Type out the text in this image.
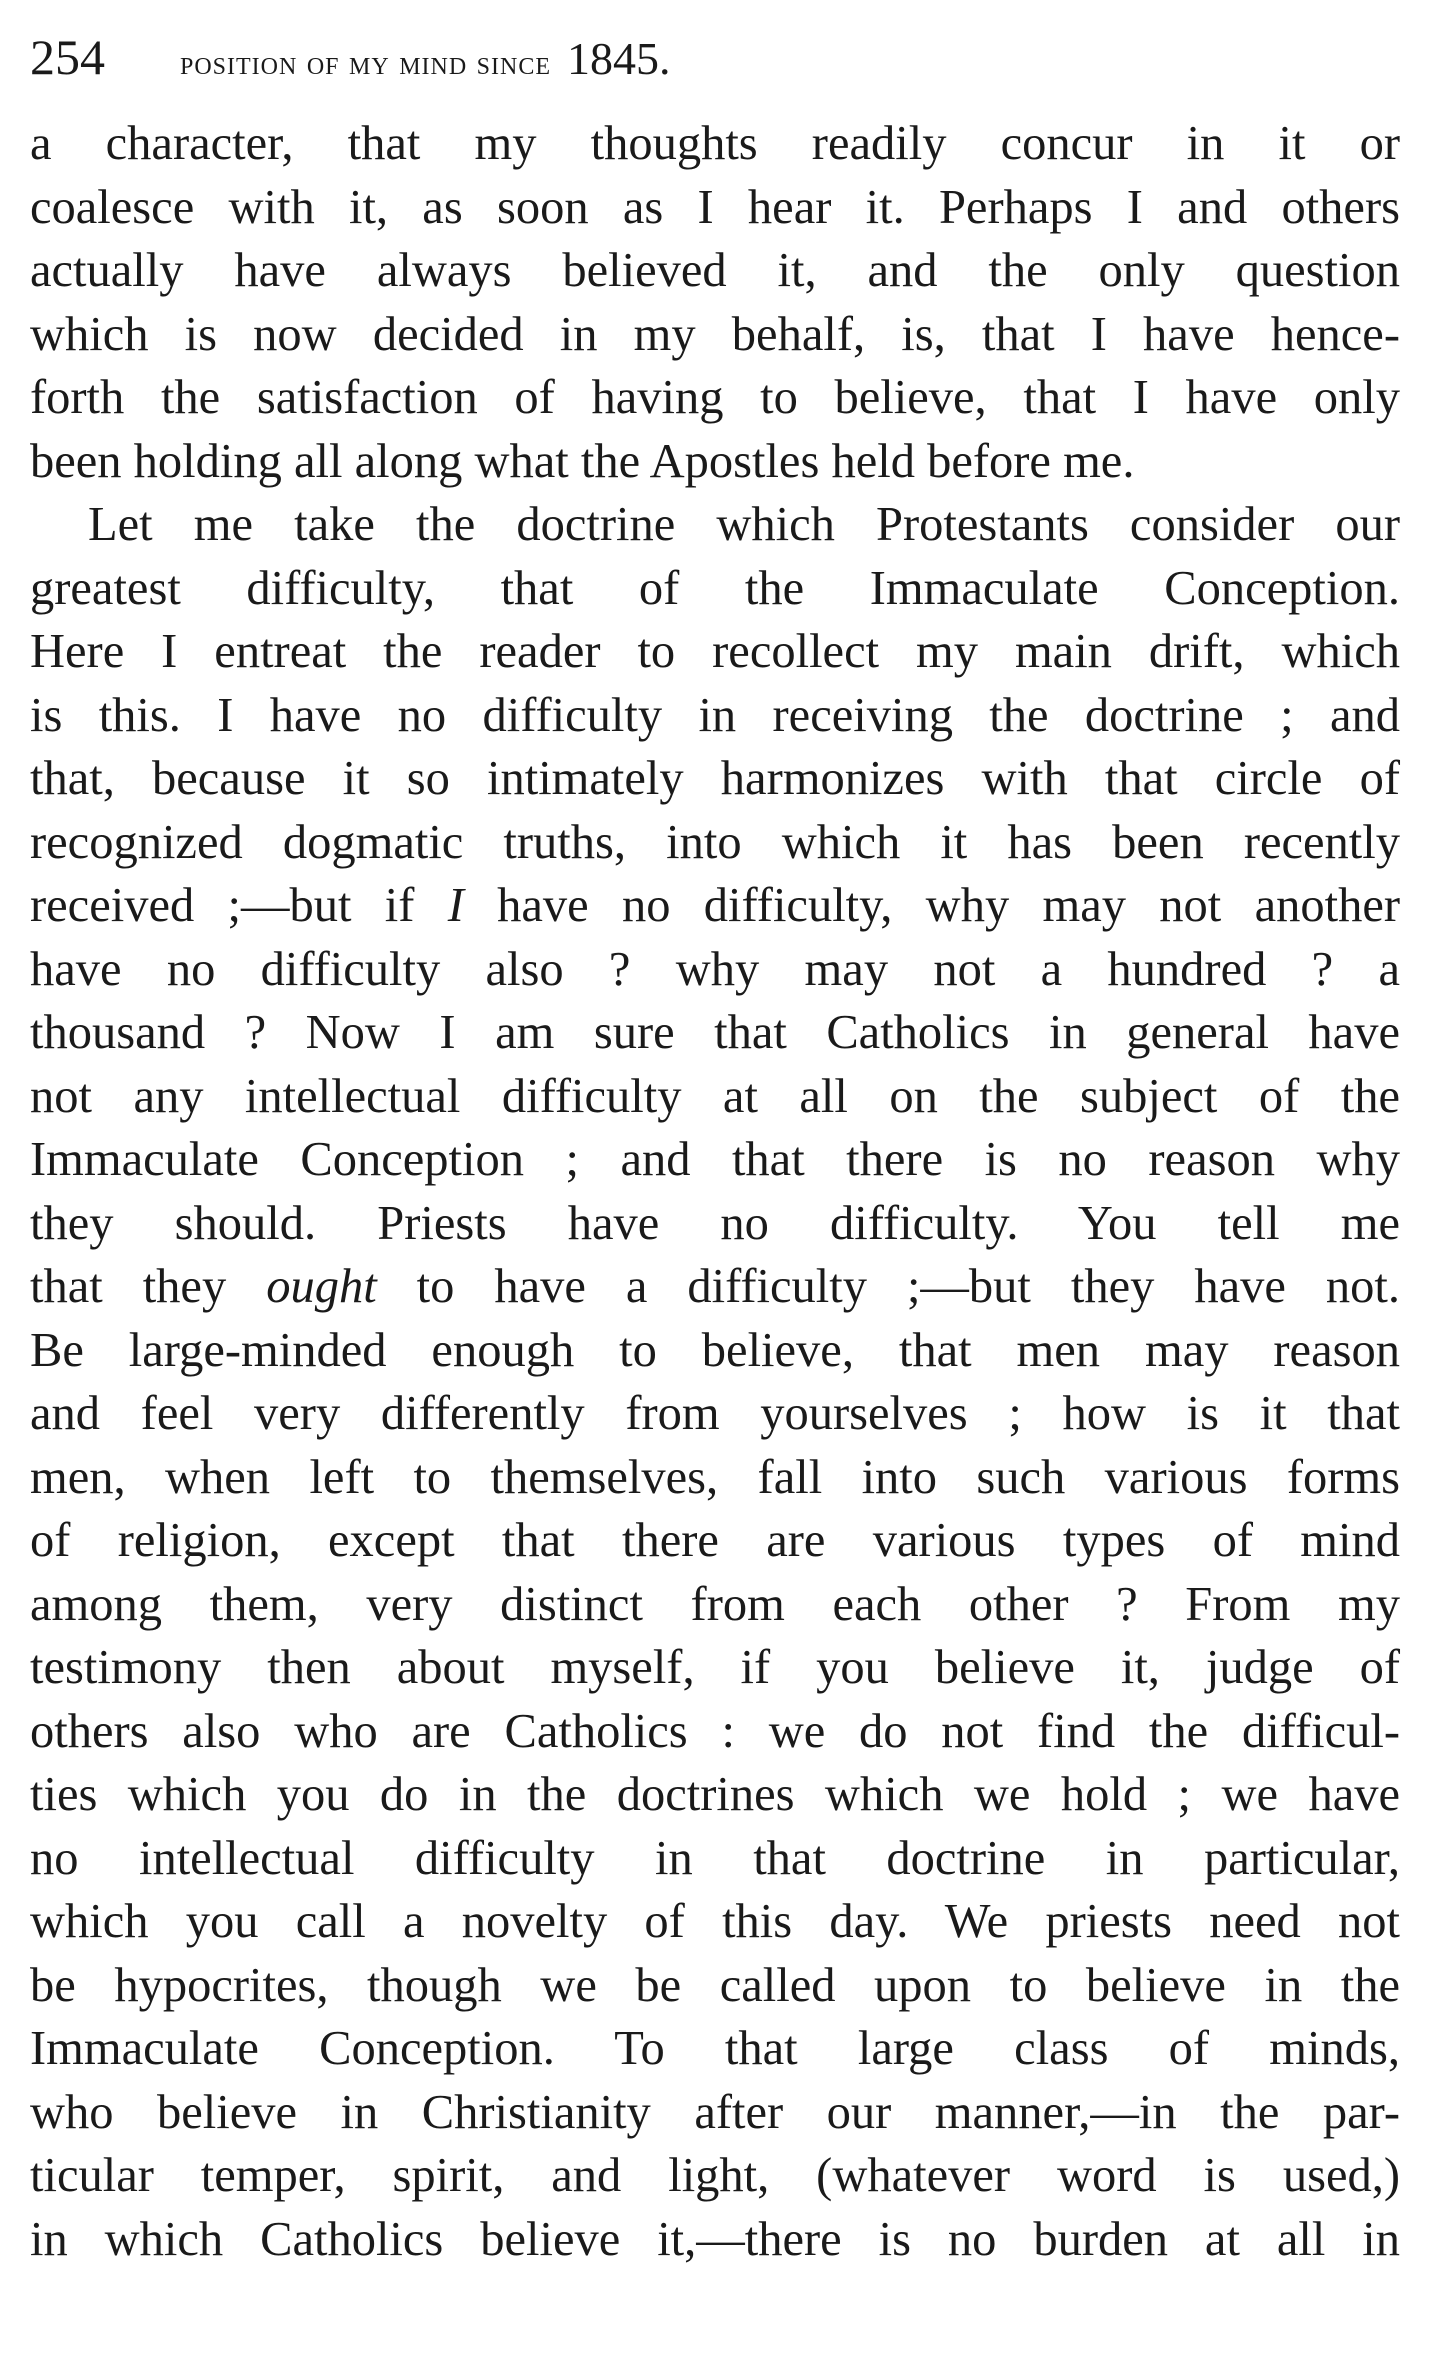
254	position of my mind since 1845.
a character, that my thoughts readily concur in it or
coalesce with it, as soon as I hear it. Perhaps I and others
actually have always believed it, and the only question
which is now decided in my behalf, is, that I have hence-
forth the satisfaction of having to believe, that I have only
been holding all along what the Apostles held before me.
Let me take the doctrine which Protestants consider our
greatest difficulty, that of the Immaculate Conception.
Here I entreat the reader to recollect my main drift, which
is this. I have no difficulty in receiving the doctrine ; and
that, because it so intimately harmonizes with that circle of
recognized dogmatic truths, into which it has been recently
received ;—but if I have no difficulty, why may not another
have no difficulty also ? why may not a hundred ? a
thousand ? Now I am sure that Catholics in general have
not any intellectual difficulty at all on the subject of the
Immaculate Conception ; and that there is no reason why
they should. Priests have no difficulty. You tell me
that they ought to have a difficulty ;—but they have not.
Be large-minded enough to believe, that men may reason
and feel very differently from yourselves ; how is it that
men, when left to themselves, fall into such various forms
of religion, except that there are various types of mind
among them, very distinct from each other ? From my
testimony then about myself, if you believe it, judge of
others also who are Catholics : we do not find the difficul-
ties which you do in the doctrines which we hold ; we have
no intellectual difficulty in that doctrine in particular,
which you call a novelty of this day. We priests need not
be hypocrites, though we be called upon to believe in the
Immaculate Conception. To that large class of minds,
who believe in Christianity after our manner,—in the par-
ticular temper, spirit, and light, (whatever word is used,)
in which Catholics believe it,—there is no burden at all in
